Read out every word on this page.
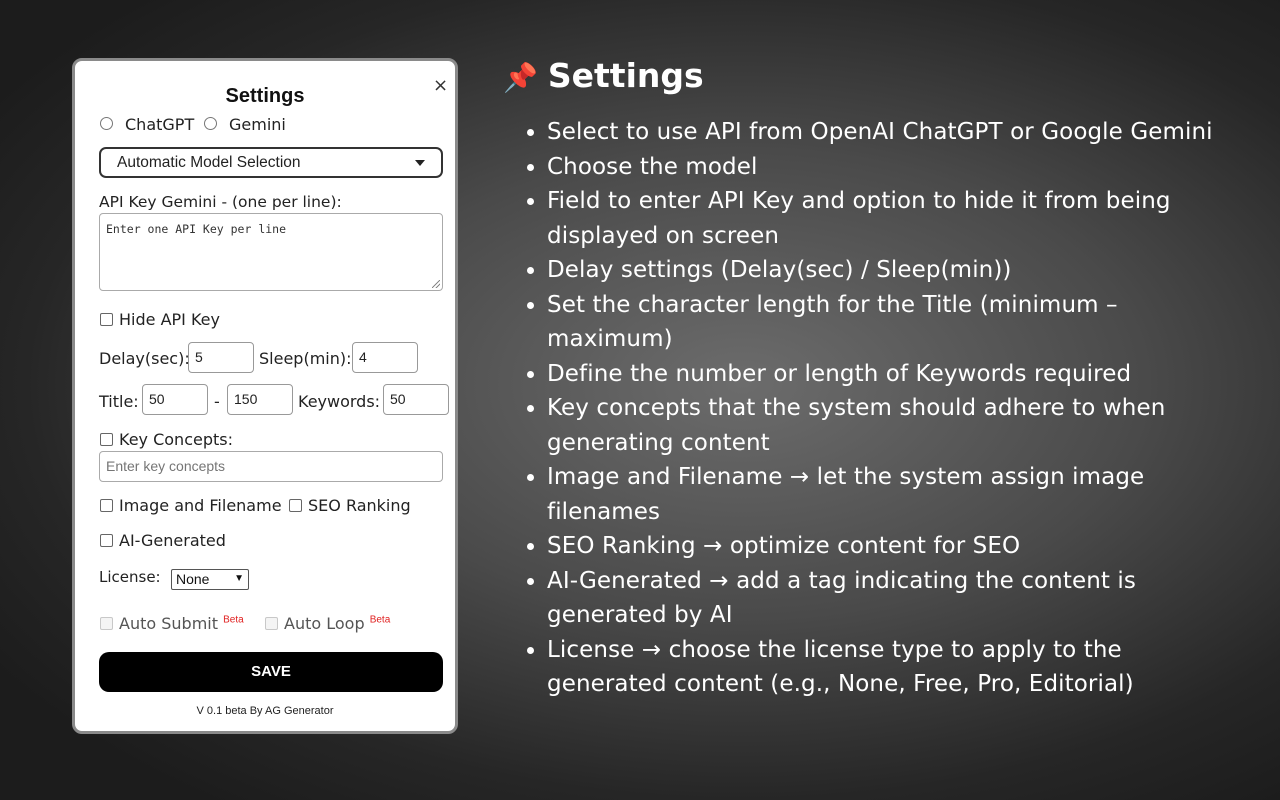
Settings	×
ChatGPT Gemini
Automatic Model Selection
API Key Gemini - (one per line):
Enter one API Key per line
Hide API Key
Delay(sec): 5	Sleep(min): 4
Title: 50	-	150	Keywords: 50
Key Concepts:
Enter key concepts
Image and Filename SEO Ranking
AI-Generated
License:	None ▼
Auto Submit $^{Beta}$	Auto Loop $^{Beta}$
SAVE
V 0.1 beta By AG Generator
📌 Settings
Select to use API from OpenAI ChatGPT or Google Gemini
Choose the model
Field to enter API Key and option to hide it from being displayed on screen
Delay settings (Delay(sec) / Sleep(min))
Set the character length for the Title (minimum – maximum)
Define the number or length of Keywords required
Key concepts that the system should adhere to when generating content
Image and Filename → let the system assign image filenames
SEO Ranking → optimize content for SEO
AI-Generated → add a tag indicating the content is generated by AI
License → choose the license type to apply to the generated content (e.g., None, Free, Pro, Editorial)
